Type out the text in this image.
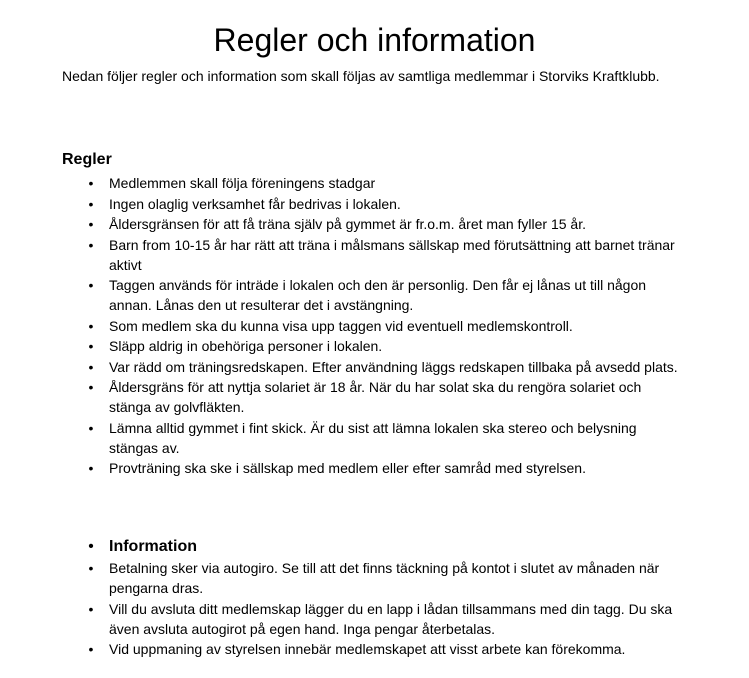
Regler och information

Nedan följer regler och information som skall följas av samtliga medlemmar i Storviks Kraftklubb.

Regler
•	Medlemmen skall följa föreningens stadgar
•	Ingen olaglig verksamhet får bedrivas i lokalen.
•	Åldersgränsen för att få träna själv på gymmet är fr.o.m. året man fyller 15 år.
•	Barn from 10-15 år har rätt att träna i målsmans sällskap med förutsättning att barnet tränar aktivt
•	Taggen används för inträde i lokalen och den är personlig. Den får ej lånas ut till någon annan. Lånas den ut resulterar det i avstängning.
•	Som medlem ska du kunna visa upp taggen vid eventuell medlemskontroll.
•	Släpp aldrig in obehöriga personer i lokalen.
•	Var rädd om träningsredskapen. Efter användning läggs redskapen tillbaka på avsedd plats.
•	Åldersgräns för att nyttja solariet är 18 år. När du har solat ska du rengöra solariet och stänga av golvfläkten.
•	Lämna alltid gymmet i fint skick. Är du sist att lämna lokalen ska stereo och belysning stängas av.
•	Provträning ska ske i sällskap med medlem eller efter samråd med styrelsen.
• Information
•	Betalning sker via autogiro. Se till att det finns täckning på kontot i slutet av månaden när pengarna dras.
•	Vill du avsluta ditt medlemskap lägger du en lapp i lådan tillsammans med din tagg. Du ska även avsluta autogirot på egen hand. Inga pengar återbetalas.
•	Vid uppmaning av styrelsen innebär medlemskapet att visst arbete kan förekomma.
